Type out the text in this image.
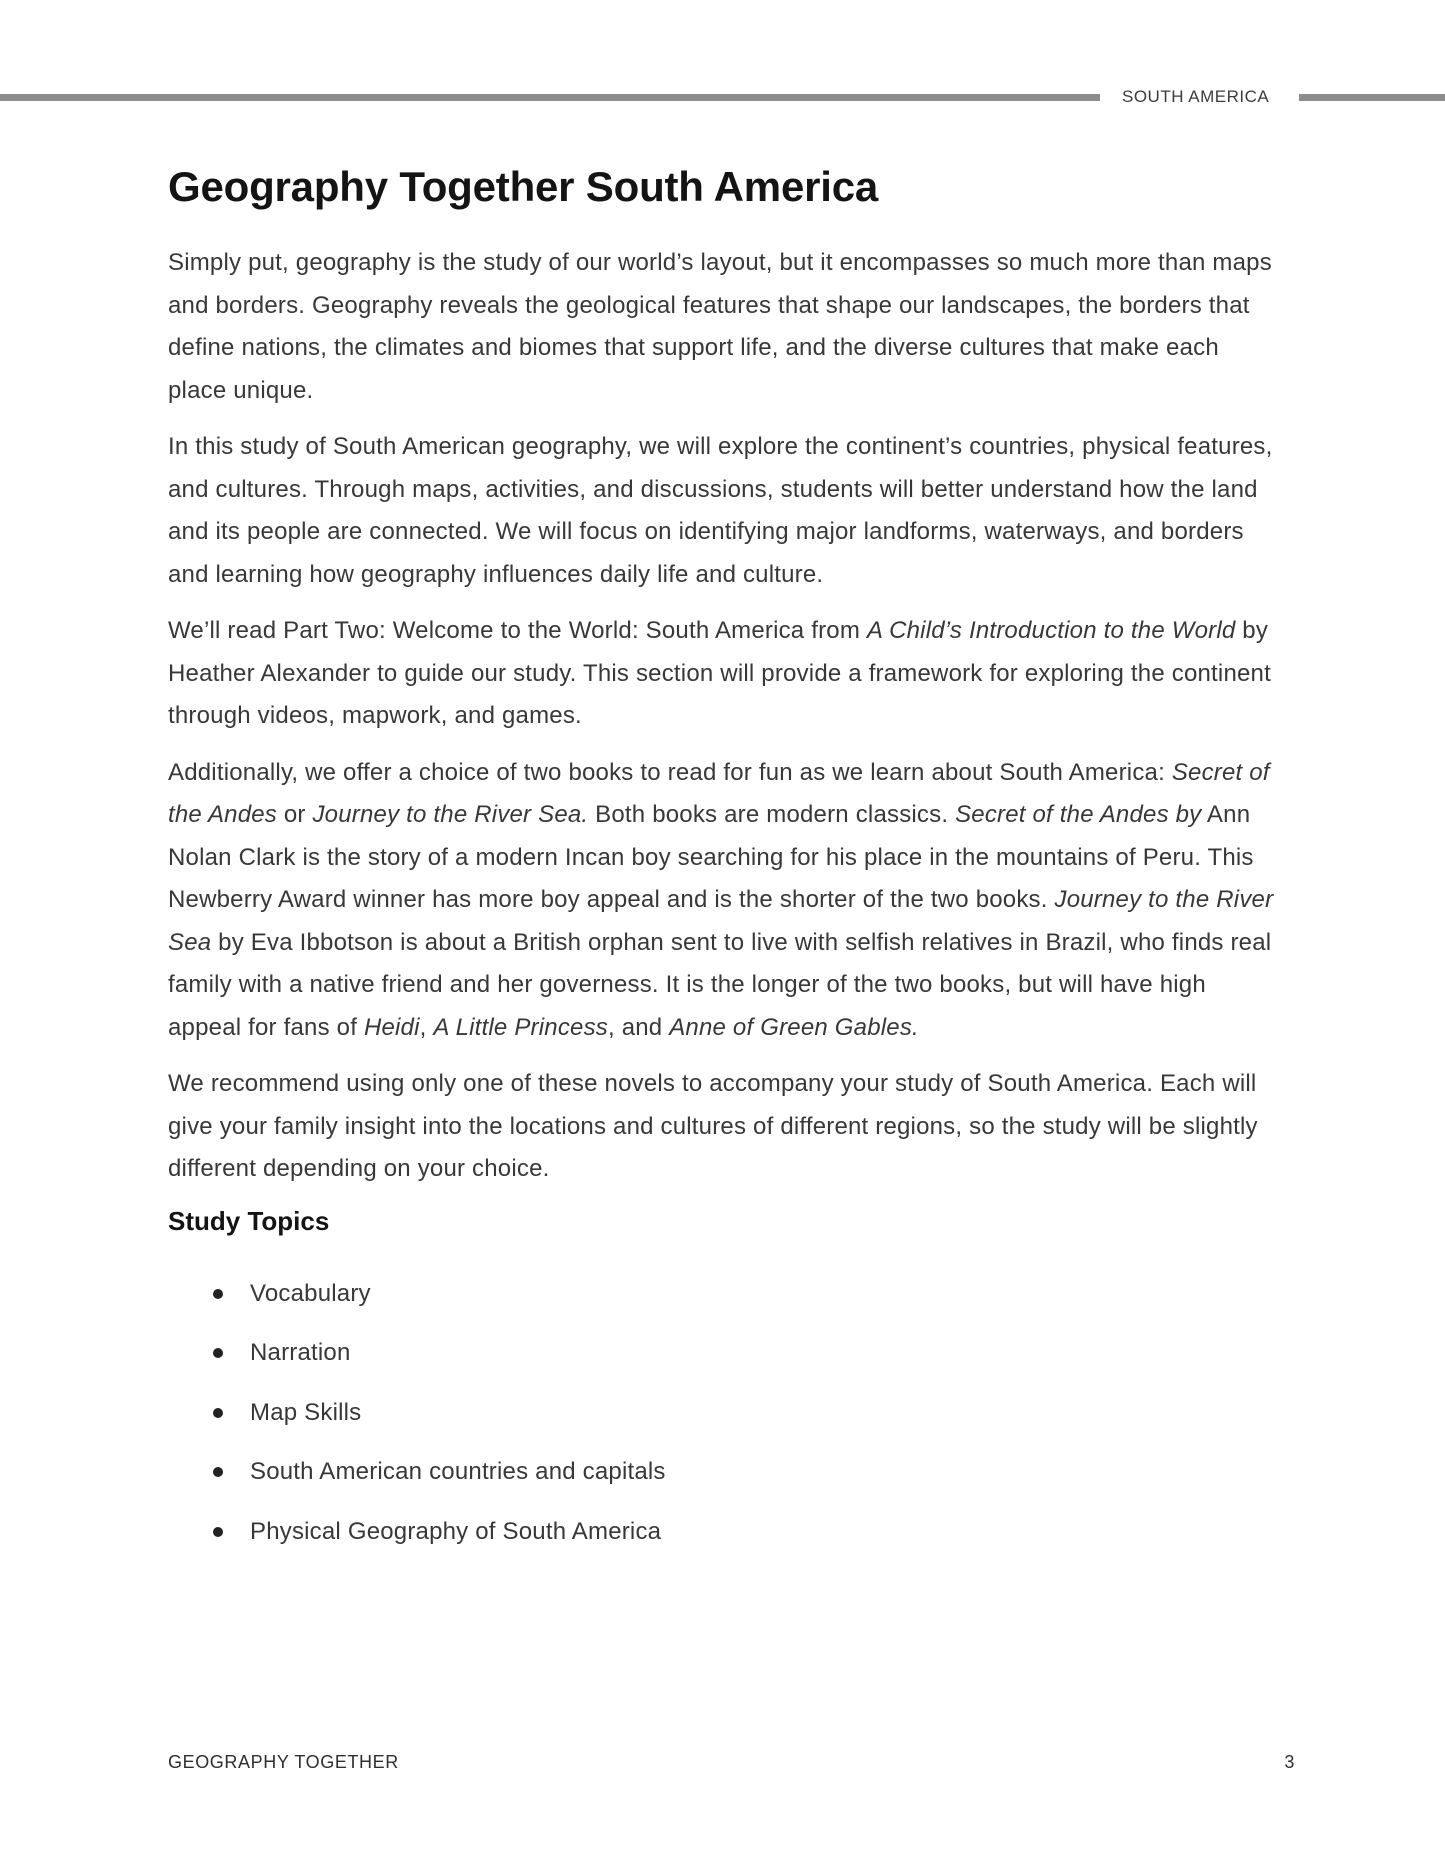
SOUTH AMERICA
Geography Together South America

Simply put, geography is the study of our world’s layout, but it encompasses so much more than maps and borders. Geography reveals the geological features that shape our landscapes, the borders that define nations, the climates and biomes that support life, and the diverse cultures that make each place unique.

In this study of South American geography, we will explore the continent’s countries, physical features, and cultures. Through maps, activities, and discussions, students will better understand how the land and its people are connected. We will focus on identifying major landforms, waterways, and borders and learning how geography influences daily life and culture.

We’ll read Part Two: Welcome to the World: South America from A Child’s Introduction to the World by Heather Alexander to guide our study. This section will provide a framework for exploring the continent through videos, mapwork, and games.

Additionally, we offer a choice of two books to read for fun as we learn about South America: Secret of the Andes or Journey to the River Sea. Both books are modern classics. Secret of the Andes by Ann Nolan Clark is the story of a modern Incan boy searching for his place in the mountains of Peru. This Newberry Award winner has more boy appeal and is the shorter of the two books. Journey to the River Sea by Eva Ibbotson is about a British orphan sent to live with selfish relatives in Brazil, who finds real family with a native friend and her governess. It is the longer of the two books, but will have high appeal for fans of Heidi, A Little Princess, and Anne of Green Gables.

We recommend using only one of these novels to accompany your study of South America. Each will give your family insight into the locations and cultures of different regions, so the study will be slightly different depending on your choice.

Study Topics
Vocabulary
Narration
Map Skills
South American countries and capitals
Physical Geography of South America
GEOGRAPHY TOGETHER	3
